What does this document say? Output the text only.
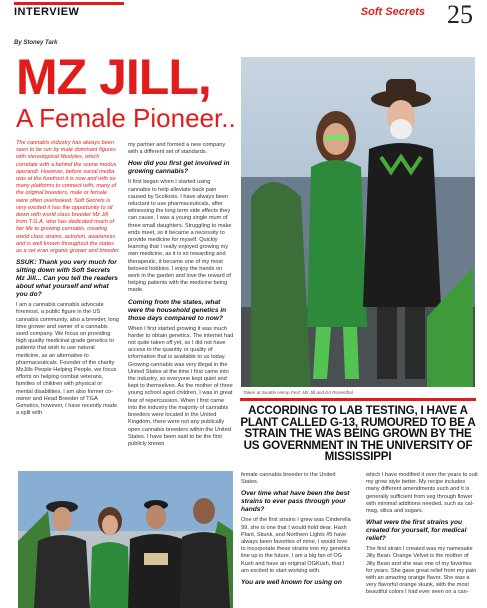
INTERVIEW	Soft Secrets 25
By Stoney Tark
MZ JILL,
A Female Pioneer..

The cannabis industry has always been seen to be run by male dominant figures with stereotypical lifestyles, which correlate with a behind the scene modus operandi. However, before social media was at the forefront it is now and with so many platforms to connect with, many of the original breeders, male or female were often overlooked. Soft Secrets is very excited it has the opportunity to sit down with world class breeder Mz Jill from T.G.A. who has dedicated much of her life to growing cannabis, creating world class strains, activism, awareness and is well known throughout the states as a vet eran organic grower and breeder.

SSUK: Thank you very much for sitting down with Soft Secrets Mz Jill... Can you tell the readers about what yourself and what you do?

I am a cannabis cannabis advocate foremost, a public figure in the US cannabis community, also a breeder, long time grower and owner of a cannabis seed company. We focus on providing high quality medicinal grade genetics to patients that wish to use natural medicine, as an alternative to pharmaceuticals. Founder of the charity MzJills People Helping People, we focus efforts on helping combat veterans, families of children with physical or mental disabilities. I am also former co-owner and Head Breeder of TGA Genetics, however, I have recently made a split with

my partner and formed a new company with a different set of standards.

How did you first get involved in growing cannabis?

It first began when I started using cannabis to help alleviate back pain caused by Scoliosis. I have always been reluctant to use pharmaceuticals, after witnessing the long term side effects they can cause. I was a young single mum of three small daughters. Struggling to make ends meet, so it became a necessity to provide medicine for myself. Quickly learning that I really enjoyed growing my own medicine, as it is so rewarding and therapeutic, it became one of my most beloved hobbies. I enjoy the hands on work in the garden and love the reward of helping patients with the medicine being made.

Coming from the states, what were the household genetics in those days compared to now?

When I first started growing it was much harder to obtain genetics. The internet had not quite taken off yet, so I did not have access to the quantity or quality of information that is available to us today. Growing cannabis was very illegal in the United States at the time I first came into the industry, so everyone kept quiet and kept to themselves. As the mother of three young school aged children, I was in great fear of repercussion. When I first came into the industry the majority of cannabis breeders were located in the United Kingdom, there were not any publically open cannabis breeders within the United States. I have been said to be the first publicly known

Taken at Seattle Hemp Fest: Mz Jill and Ed Rosenthal
ACCORDING TO LAB TESTING, I HAVE A PLANT CALLED G-13, RUMOURED TO BE A STRAIN THE WAS BEING GROWN BY THE US GOVERNMENT IN THE UNIVERSITY OF MISSISSIPPI

female cannabis breeder in the United States.

Over time what have been the best strains to ever pass through your hands?

One of the first strains I grew was Cinderella 99, she is one that I would hold dear. Hash Plant, Skunk, and Northern Lights #5 have always been favorites of mine, I would love to incorporate these strains into my genetics line up in the future. I am a big fan of OG Kush and have an original OGKush, that I am excited to start working with.

You are well known for using on

which I have modified it over the years to suit my grow style better. My recipe includes many different amendments such and it is generally sufficient from veg through flower with minimal additions needed, such as cal-mag, silica and sugars.

What were the first strains you created for yourself, for medical relief?

The first strain I created was my namesake Jilly Bean. Orange Velvet is the mother of Jilly Bean and she was one of my favorites for years. She gave great relief from my pain with an amazing orange flavor. She was a very flavorful orange skunk, with the most beautiful colors I had ever seen on a can-
